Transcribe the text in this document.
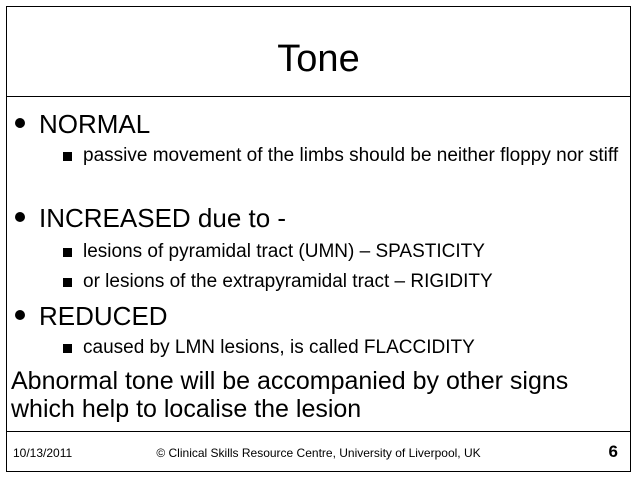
Tone
NORMAL
passive movement of the limbs should be neither floppy nor stiff
INCREASED due to -
lesions of pyramidal tract (UMN) – SPASTICITY
or lesions of the extrapyramidal tract – RIGIDITY
REDUCED
caused by LMN lesions, is called FLACCIDITY
Abnormal tone will be accompanied by other signs which help to localise the lesion
10/13/2011	© Clinical Skills Resource Centre, University of Liverpool, UK	6
